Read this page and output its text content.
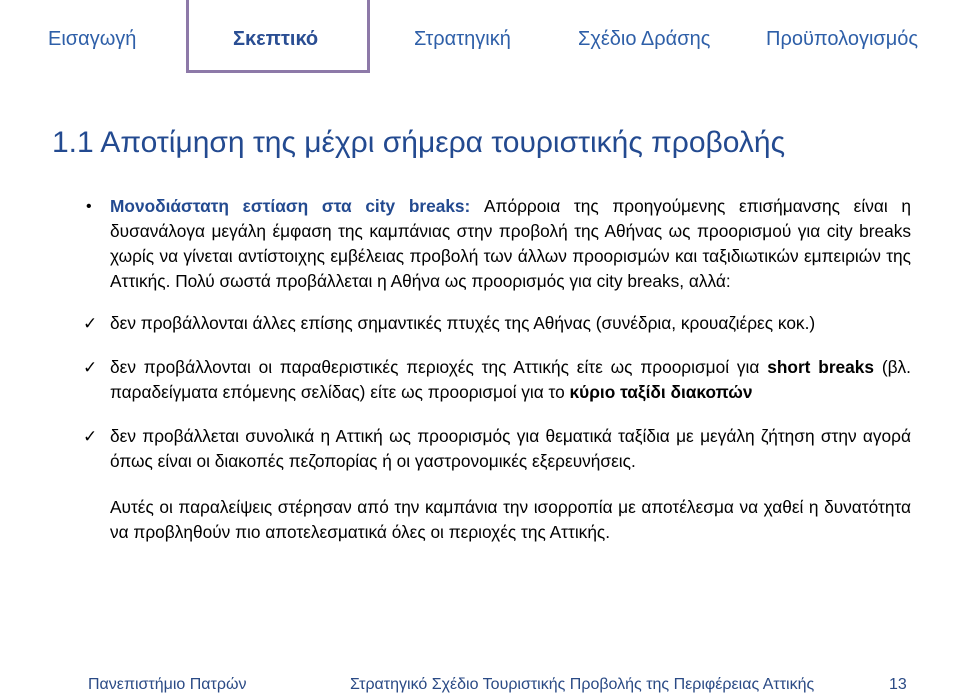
Εισαγωγή	Σκεπτικό	Στρατηγική	Σχέδιο Δράσης	Προϋπολογισμός
1.1 Αποτίμηση της μέχρι σήμερα τουριστικής προβολής
• Μονοδιάστατη εστίαση στα city breaks: Απόρροια της προηγούμενης επισήμανσης είναι η δυσανάλογα μεγάλη έμφαση της καμπάνιας στην προβολή της Αθήνας ως προορισμού για city breaks χωρίς να γίνεται αντίστοιχης εμβέλειας προβολή των άλλων προορισμών και ταξιδιωτικών εμπειριών της Αττικής. Πολύ σωστά προβάλλεται η Αθήνα ως προορισμός για city breaks, αλλά:

✓ δεν προβάλλονται άλλες επίσης σημαντικές πτυχές της Αθήνας (συνέδρια, κρουαζιέρες κοκ.)

✓ δεν προβάλλονται οι παραθεριστικές περιοχές της Αττικής είτε ως προορισμοί για short breaks (βλ. παραδείγματα επόμενης σελίδας) είτε ως προορισμοί για το κύριο ταξίδι διακοπών

✓ δεν προβάλλεται συνολικά η Αττική ως προορισμός για θεματικά ταξίδια με μεγάλη ζήτηση στην αγορά όπως είναι οι διακοπές πεζοπορίας ή οι γαστρονομικές εξερευνήσεις.

Αυτές οι παραλείψεις στέρησαν από την καμπάνια την ισορροπία με αποτέλεσμα να χαθεί η δυνατότητα να προβληθούν πιο αποτελεσματικά όλες οι περιοχές της Αττικής.

Πανεπιστήμιο Πατρών	Στρατηγικό Σχέδιο Τουριστικής Προβολής της Περιφέρειας Αττικής	13
